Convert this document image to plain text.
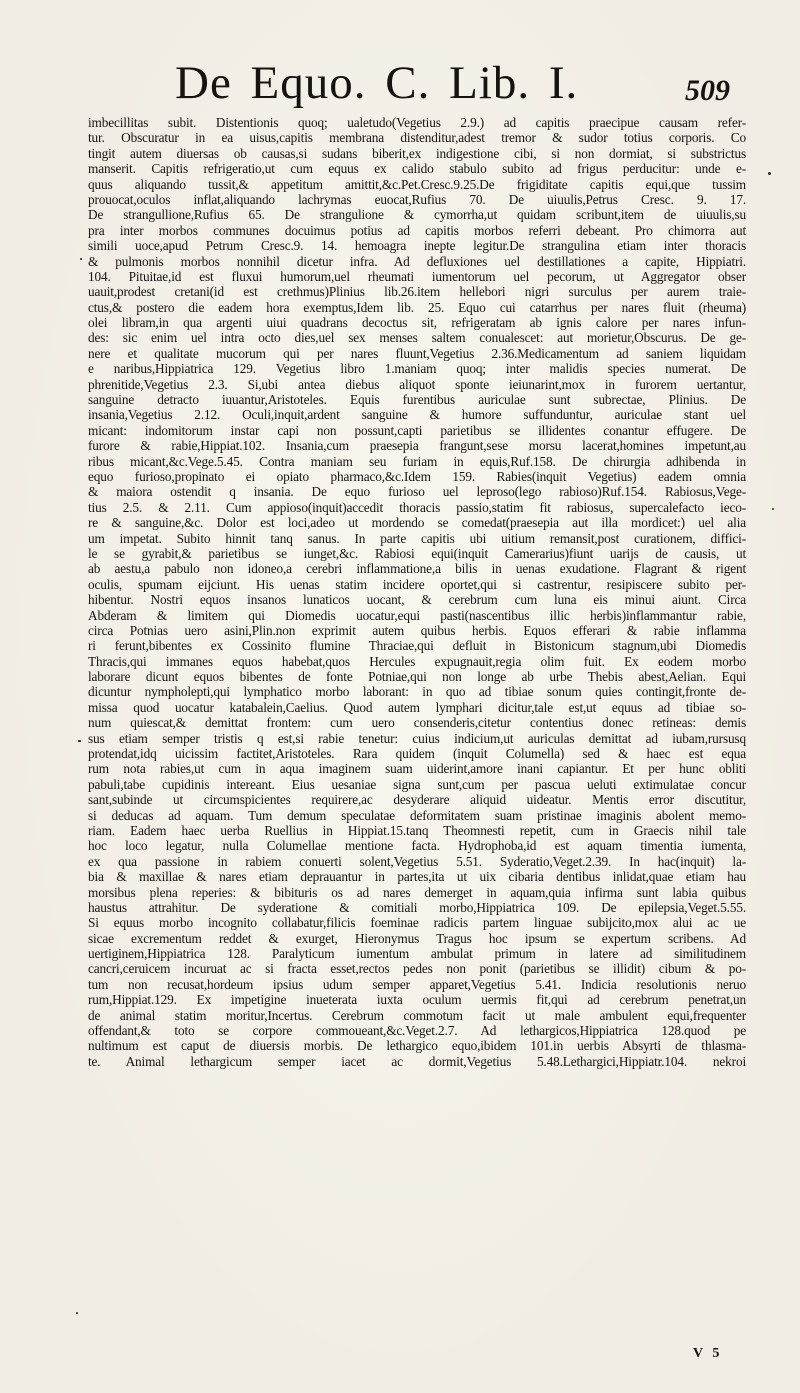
De Equo. C. Lib. I.	509
imbecillitas subit. Distentionis quoq; ualetudo(Vegetius 2.9.) ad capitis praecipue causam refer-
tur. Obscuratur in ea uisus,capitis membrana distenditur,adest tremor & sudor totius corporis. Co
tingit autem diuersas ob causas,si sudans biberit,ex indigestione cibi, si non dormiat, si substrictus
manserit. Capitis refrigeratio,ut cum equus ex calido stabulo subito ad frigus perducitur: unde e-
quus aliquando tussit,& appetitum amittit,&c.Pet.Cresc.9.25.De frigiditate capitis equi,que tussim
prouocat,oculos inflat,aliquando lachrymas euocat,Rufius 70. De uiuulis,Petrus Cresc. 9. 17.
De strangullione,Rufius 65. De strangulione & cymorrha,ut quidam scribunt,item de uiuulis,su
pra inter morbos communes docuimus potius ad capitis morbos referri debeant. Pro chimorra aut
simili uoce,apud Petrum Cresc.9. 14. hemoagra inepte legitur.De strangulina etiam inter thoracis
& pulmonis morbos nonnihil dicetur infra. Ad defluxiones uel destillationes a capite, Hippiatri.
104. Pituitae,id est fluxui humorum,uel rheumati iumentorum uel pecorum, ut Aggregator obser
uauit,prodest cretani(id est crethmus)Plinius lib.26.item hellebori nigri surculus per aurem traie-
ctus,& postero die eadem hora exemptus,Idem lib. 25. Equo cui catarrhus per nares fluit (rheuma)
olei libram,in qua argenti uiui quadrans decoctus sit, refrigeratam ab ignis calore per nares infun-
des: sic enim uel intra octo dies,uel sex menses saltem conualescet: aut morietur,Obscurus. De ge-
nere et qualitate mucorum qui per nares fluunt,Vegetius 2.36.Medicamentum ad saniem liquidam
e naribus,Hippiatrica 129. Vegetius libro 1.maniam quoq; inter malidis species numerat. De
phrenitide,Vegetius 2.3. Si,ubi antea diebus aliquot sponte ieiunarint,mox in furorem uertantur,
sanguine detracto iuuantur,Aristoteles. Equis furentibus auriculae sunt subrectae, Plinius. De
insania,Vegetius 2.12. Oculi,inquit,ardent sanguine & humore suffunduntur, auriculae stant uel
micant: indomitorum instar capi non possunt,capti parietibus se illidentes conantur effugere. De
furore & rabie,Hippiat.102. Insania,cum praesepia frangunt,sese morsu lacerat,homines impetunt,au
ribus micant,&c.Vege.5.45. Contra maniam seu furiam in equis,Ruf.158. De chirurgia adhibenda in
equo furioso,propinato ei opiato pharmaco,&c.Idem 159. Rabies(inquit Vegetius) eadem omnia
& maiora ostendit q insania. De equo furioso uel leproso(lego rabioso)Ruf.154. Rabiosus,Vege-
tius 2.5. & 2.11. Cum appioso(inquit)accedit thoracis passio,statim fit rabiosus, supercalefacto ieco-
re & sanguine,&c. Dolor est loci,adeo ut mordendo se comedat(praesepia aut illa mordicet:) uel alia
um impetat. Subito hinnit tanq sanus. In parte capitis ubi uitium remansit,post curationem, diffici-
le se gyrabit,& parietibus se iunget,&c. Rabiosi equi(inquit Camerarius)fiunt uarijs de causis, ut
ab aestu,a pabulo non idoneo,a cerebri inflammatione,a bilis in uenas exudatione. Flagrant & rigent
oculis, spumam eijciunt. His uenas statim incidere oportet,qui si castrentur, resipiscere subito per-
hibentur. Nostri equos insanos lunaticos uocant, & cerebrum cum luna eis minui aiunt. Circa
Abderam & limitem qui Diomedis uocatur,equi pasti(nascentibus illic herbis)inflammantur rabie,
circa Potnias uero asini,Plin.non exprimit autem quibus herbis. Equos efferari & rabie inflamma
ri ferunt,bibentes ex Cossinito flumine Thraciae,qui defluit in Bistonicum stagnum,ubi Diomedis
Thracis,qui immanes equos habebat,quos Hercules expugnauit,regia olim fuit. Ex eodem morbo
laborare dicunt equos bibentes de fonte Potniae,qui non longe ab urbe Thebis abest,Aelian. Equi
dicuntur nympholepti,qui lymphatico morbo laborant: in quo ad tibiae sonum quies contingit,fronte de-
missa quod uocatur katabalein,Caelius. Quod autem lymphari dicitur,tale est,ut equus ad tibiae so-
num quiescat,& demittat frontem: cum uero consenderis,citetur contentius donec retineas: demis
sus etiam semper tristis q est,si rabie tenetur: cuius indicium,ut auriculas demittat ad iubam,rursusq
protendat,idq uicissim factitet,Aristoteles. Rara quidem (inquit Columella) sed & haec est equa
rum nota rabies,ut cum in aqua imaginem suam uiderint,amore inani capiantur. Et per hunc obliti
pabuli,tabe cupidinis intereant. Eius uesaniae signa sunt,cum per pascua ueluti extimulatae concur
sant,subinde ut circumspicientes requirere,ac desyderare aliquid uideatur. Mentis error discutitur,
si deducas ad aquam. Tum demum speculatae deformitatem suam pristinae imaginis abolent memo-
riam. Eadem haec uerba Ruellius in Hippiat.15.tanq Theomnesti repetit, cum in Graecis nihil tale
hoc loco legatur, nulla Columellae mentione facta. Hydrophoba,id est aquam timentia iumenta,
ex qua passione in rabiem conuerti solent,Vegetius 5.51. Syderatio,Veget.2.39. In hac(inquit) la-
bia & maxillae & nares etiam deprauantur in partes,ita ut uix cibaria dentibus inlidat,quae etiam hau
morsibus plena reperies: & bibituris os ad nares demerget in aquam,quia infirma sunt labia quibus
haustus attrahitur. De syderatione & comitiali morbo,Hippiatrica 109. De epilepsia,Veget.5.55.
Si equus morbo incognito collabatur,filicis foeminae radicis partem linguae subijcito,mox alui ac ue
sicae excrementum reddet & exurget, Hieronymus Tragus hoc ipsum se expertum scribens. Ad
uertiginem,Hippiatrica 128. Paralyticum iumentum ambulat primum in latere ad similitudinem
cancri,ceruicem incuruat ac si fracta esset,rectos pedes non ponit (parietibus se illidit) cibum & po-
tum non recusat,hordeum ipsius udum semper apparet,Vegetius 5.41. Indicia resolutionis neruo
rum,Hippiat.129. Ex impetigine inueterata iuxta oculum uermis fit,qui ad cerebrum penetrat,un
de animal statim moritur,Incertus. Cerebrum commotum facit ut male ambulent equi,frequenter
offendant,& toto se corpore commoueant,&c.Veget.2.7. Ad lethargicos,Hippiatrica 128.quod pe
nultimum est caput de diuersis morbis. De lethargico equo,ibidem 101.in uerbis Absyrti de thlasma-
te. Animal lethargicum semper iacet ac dormit,Vegetius 5.48.Lethargici,Hippiatr.104. nekroi
V 5
